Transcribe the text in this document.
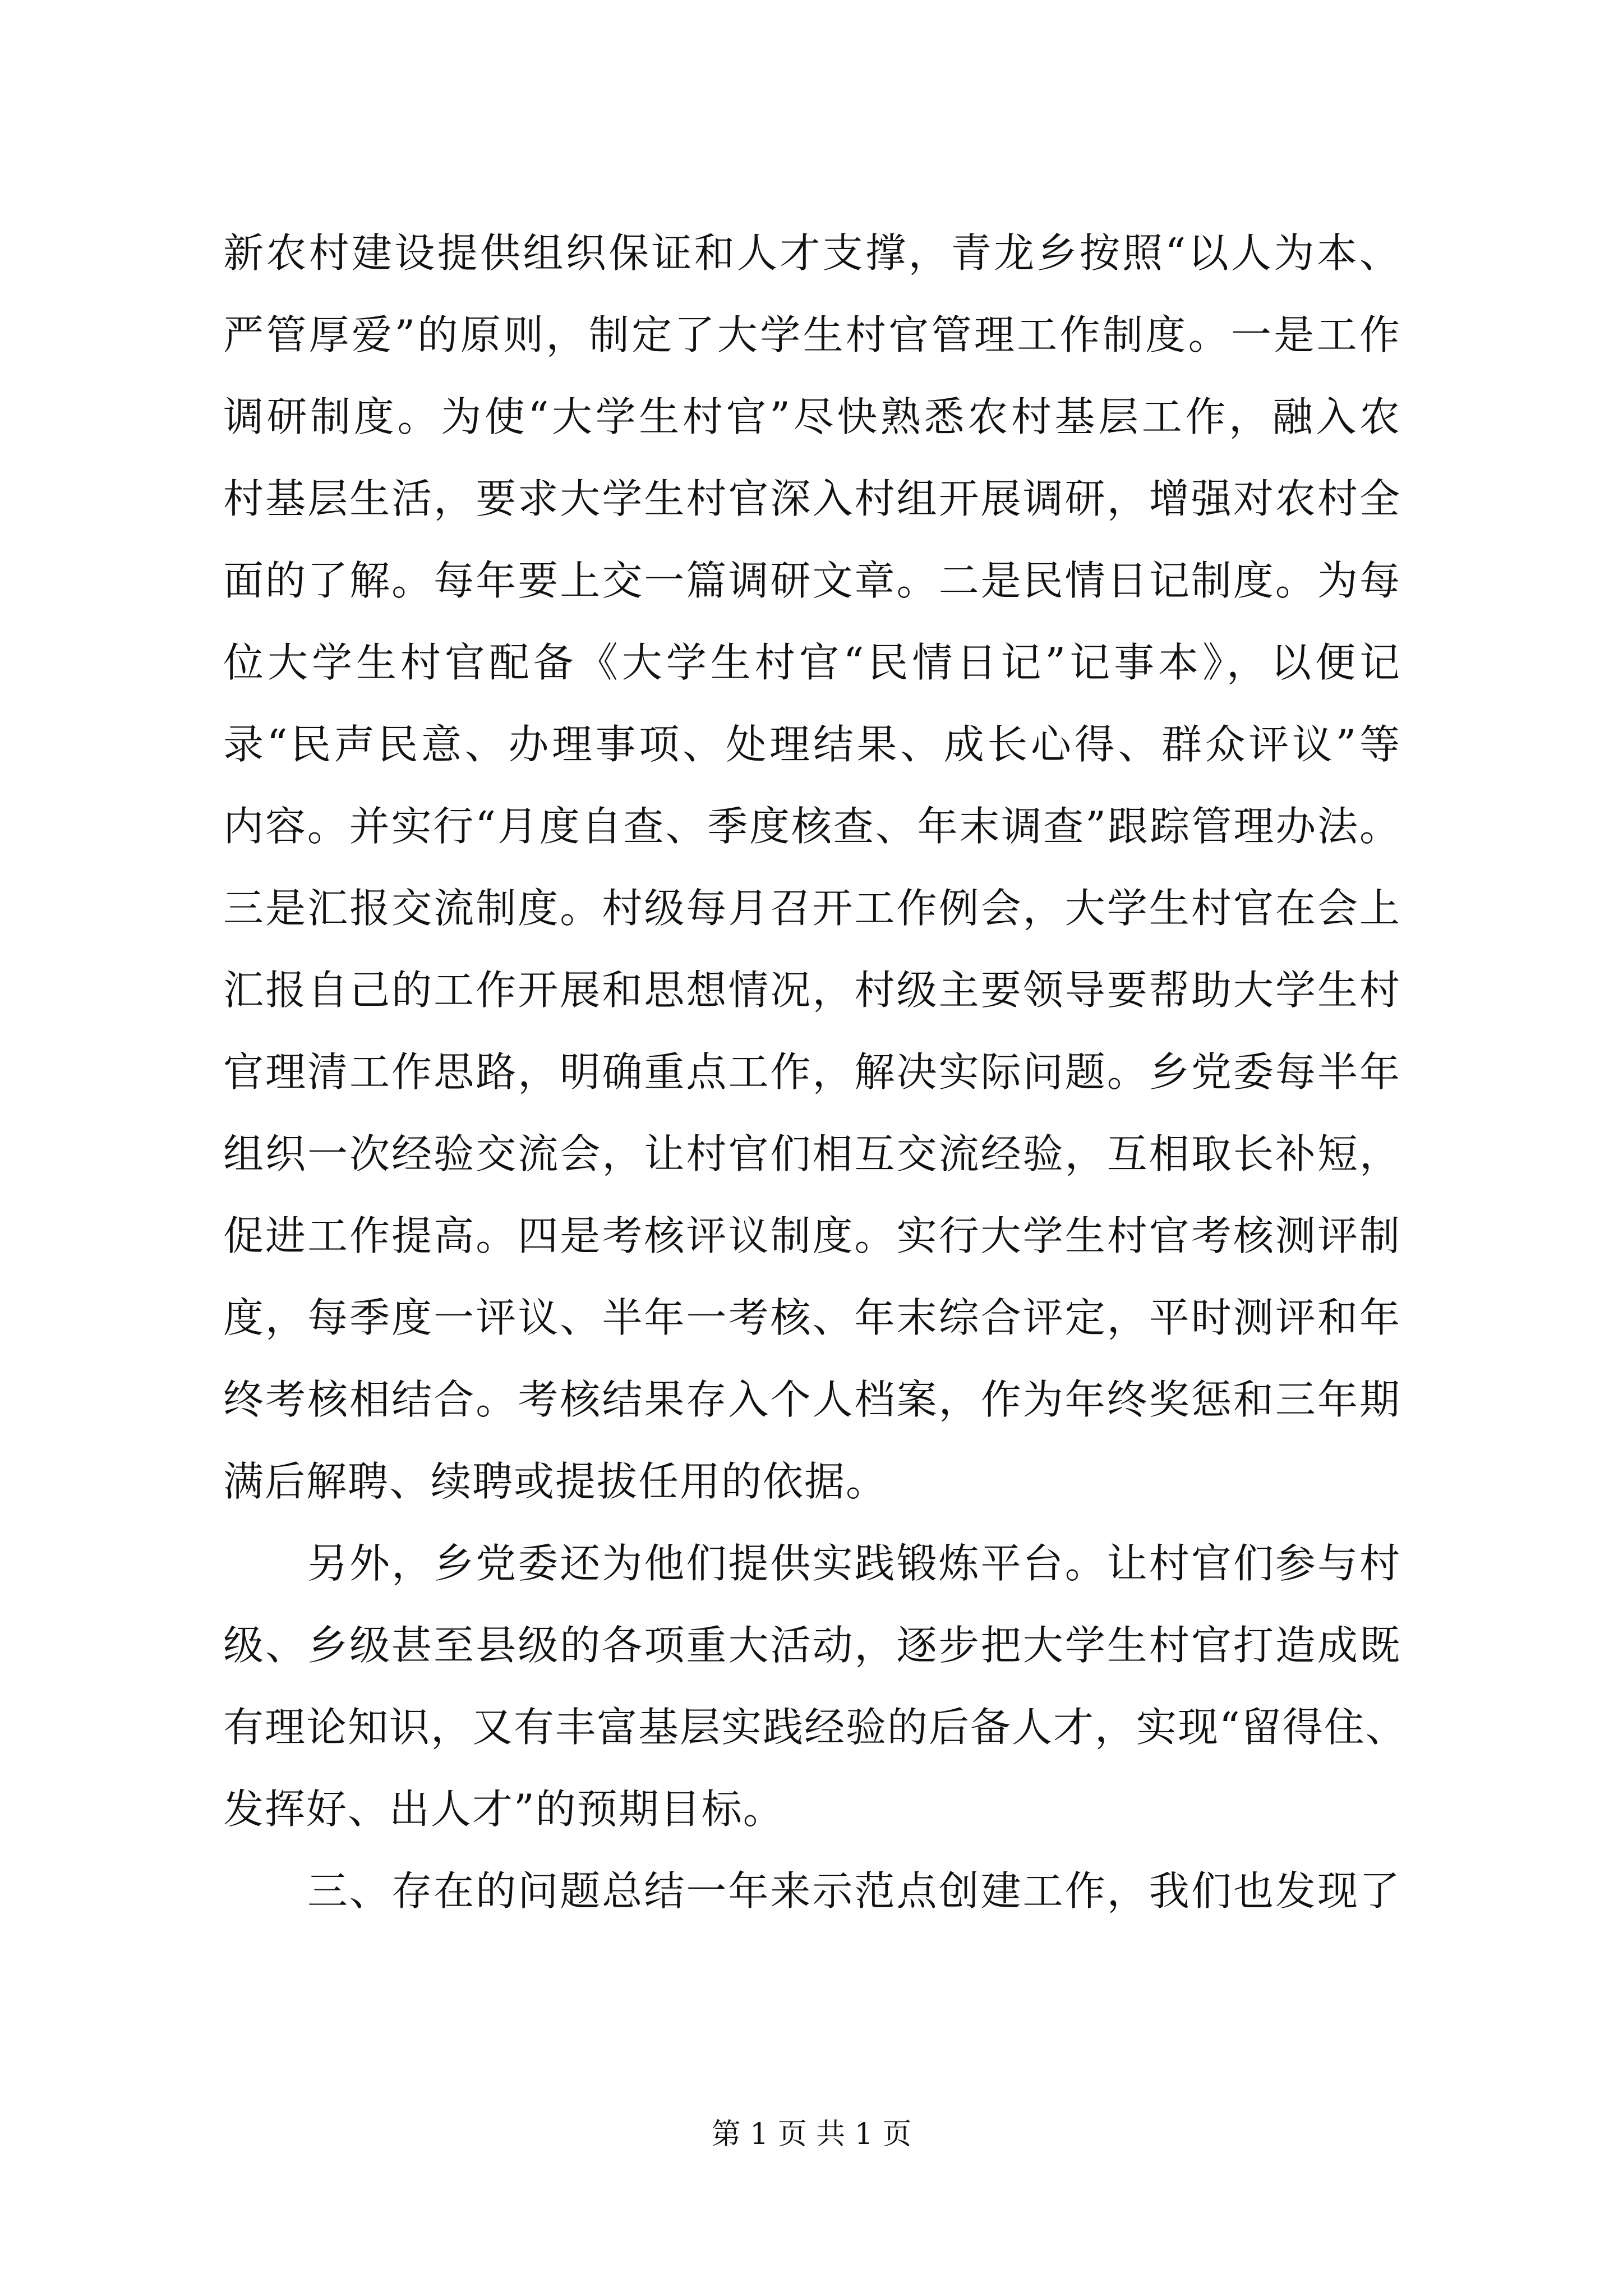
新农村建设提供组织保证和人才支撑，青龙乡按照“以人为本、
严管厚爱”的原则，制定了大学生村官管理工作制度。一是工作
调研制度。为使“大学生村官”尽快熟悉农村基层工作，融入农
村基层生活，要求大学生村官深入村组开展调研，增强对农村全
面的了解。每年要上交一篇调研文章。二是民情日记制度。为每
位大学生村官配备《大学生村官“民情日记”记事本》，以便记
录“民声民意、办理事项、处理结果、成长心得、群众评议”等
内容。并实行“月度自查、季度核查、年末调查”跟踪管理办法。
三是汇报交流制度。村级每月召开工作例会，大学生村官在会上
汇报自己的工作开展和思想情况，村级主要领导要帮助大学生村
官理清工作思路，明确重点工作，解决实际问题。乡党委每半年
组织一次经验交流会，让村官们相互交流经验，互相取长补短，
促进工作提高。四是考核评议制度。实行大学生村官考核测评制
度，每季度一评议、半年一考核、年末综合评定，平时测评和年
终考核相结合。考核结果存入个人档案，作为年终奖惩和三年期
满后解聘、续聘或提拔任用的依据。
另外，乡党委还为他们提供实践锻炼平台。让村官们参与村
级、乡级甚至县级的各项重大活动，逐步把大学生村官打造成既
有理论知识，又有丰富基层实践经验的后备人才，实现“留得住、
发挥好、出人才”的预期目标。
三、存在的问题总结一年来示范点创建工作，我们也发现了
第 1 页 共 1 页
